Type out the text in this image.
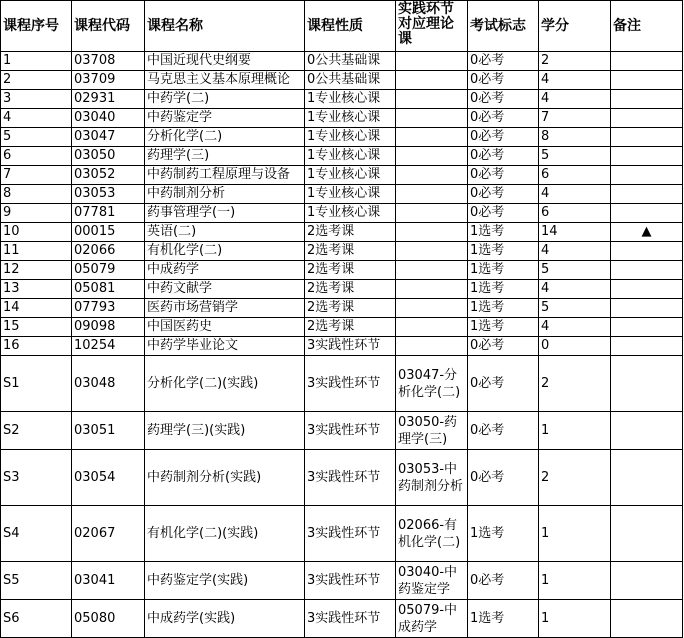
课程序号	课程代码	课程名称	课程性质	实践环节对应理论课	考试标志	学分	备注
1	03708	中国近现代史纲要	0公共基础课		0必考	2	
2	03709	马克思主义基本原理概论	0公共基础课		0必考	4	
3	02931	中药学(二)	1专业核心课		0必考	4	
4	03040	中药鉴定学	1专业核心课		0必考	7	
5	03047	分析化学(二)	1专业核心课		0必考	8	
6	03050	药理学(三)	1专业核心课		0必考	5	
7	03052	中药制药工程原理与设备	1专业核心课		0必考	6	
8	03053	中药制剂分析	1专业核心课		0必考	4	
9	07781	药事管理学(一)	1专业核心课		0必考	6	
10	00015	英语(二)	2选考课		1选考	14	▲
11	02066	有机化学(二)	2选考课		1选考	4	
12	05079	中成药学	2选考课		1选考	5	
13	05081	中药文献学	2选考课		1选考	4	
14	07793	医药市场营销学	2选考课		1选考	5	
15	09098	中国医药史	2选考课		1选考	4	
16	10254	中药学毕业论文	3实践性环节		0必考	0	
S1	03048	分析化学(二)(实践)	3实践性环节	03047-分析化学(二)	0必考	2	
S2	03051	药理学(三)(实践)	3实践性环节	03050-药理学(三)	0必考	1	
S3	03054	中药制剂分析(实践)	3实践性环节	03053-中药制剂分析	0必考	2	
S4	02067	有机化学(二)(实践)	3实践性环节	02066-有机化学(二)	1选考	1	
S5	03041	中药鉴定学(实践)	3实践性环节	03040-中药鉴定学	0必考	1	
S6	05080	中成药学(实践)	3实践性环节	05079-中成药学	1选考	1	
